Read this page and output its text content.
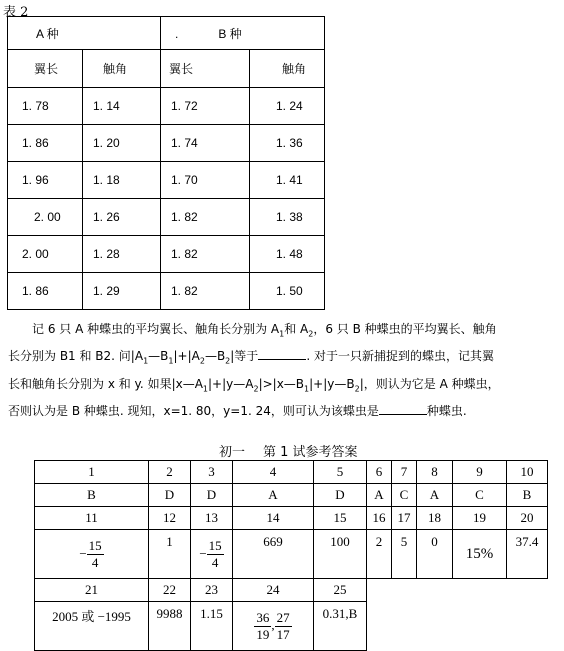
表 2
A 种		. B 种	
翼长	触角	翼长	触角
1. 78	1. 14	1. 72	1. 24
1. 86	1. 20	1. 74	1. 36
1. 96	1. 18	1. 70	1. 41
2. 00	1. 26	1. 82	1. 38
2. 00	1. 28	1. 82	1. 48
1. 86	1. 29	1. 82	1. 50

记 6 只 A 种蝶虫的平均翼长、触角长分别为 $A_1$和 $A_2$，6 只 B 种蝶虫的平均翼长、触角

长分别为 B1 和 B2. 问$|A_1—B_1|+|A_2—B_2|$等于	. 对于一只新捕捉到的蝶虫，记其翼

长和触角长分别为 x 和 y. 如果$|x—A_1|+|y—A_2|>|x—B_1|+|y—B_2|$，则认为它是 A 种蝶虫，

否则认为是 B 种蝶虫. 现知，x=1. 80，y=1. 24，则可认为该蝶虫是	种蝶虫.

初一 第 1 试参考答案
1	2	3	4	5	6	7	8	9	10
B	D	D	A	D	A	C	A	C	B
11	12	13	14	15	16	17	18	19	20

− $\frac{15}{4}$	1	− $\frac{15}{4}$	669	100	2	5	0	15%	37.4
21	22	23	24	25					
2005 或 −1995	9988	1.15	$\frac{36}{19}$ , $\frac{27}{17}$	0.31,B					
